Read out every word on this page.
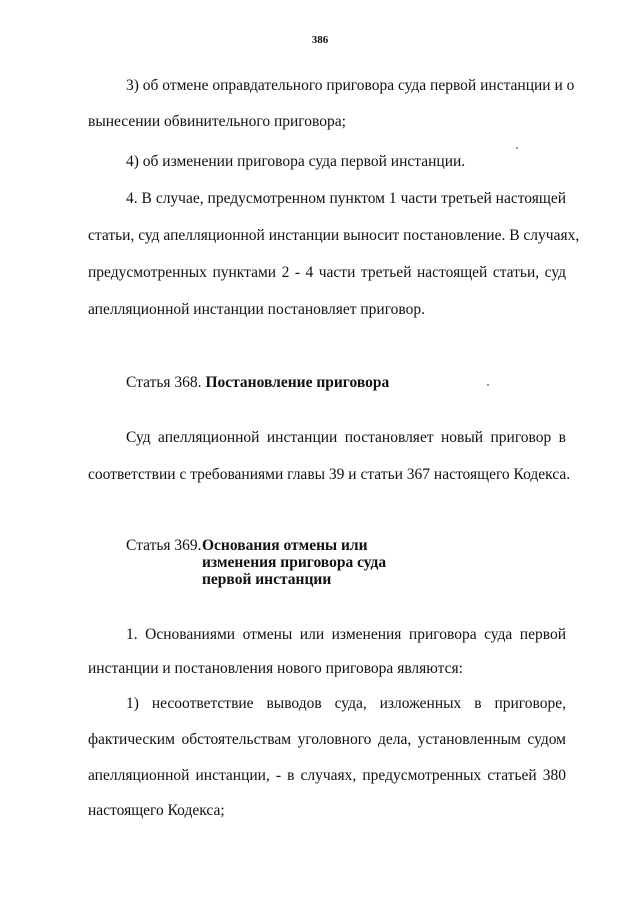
386
3) об отмене оправдательного приговора суда первой инстанции и о
вынесении обвинительного приговора;
4) об изменении приговора суда первой инстанции.
4. В случае, предусмотренном пунктом 1 части третьей настоящей
статьи, суд апелляционной инстанции выносит постановление. В случаях,
предусмотренных пунктами 2 - 4 части третьей настоящей статьи, суд
апелляционной инстанции постановляет приговор.
Статья 368. Постановление приговора
Суд апелляционной инстанции постановляет новый приговор в
соответствии с требованиями главы 39 и статьи 367 настоящего Кодекса.
Статья 369. Основания отмены или
изменения приговора суда
первой инстанции
1. Основаниями отмены или изменения приговора суда первой
инстанции и постановления нового приговора являются:
1) несоответствие выводов суда, изложенных в приговоре,
фактическим обстоятельствам уголовного дела, установленным судом
апелляционной инстанции, - в случаях, предусмотренных статьей 380
настоящего Кодекса;
